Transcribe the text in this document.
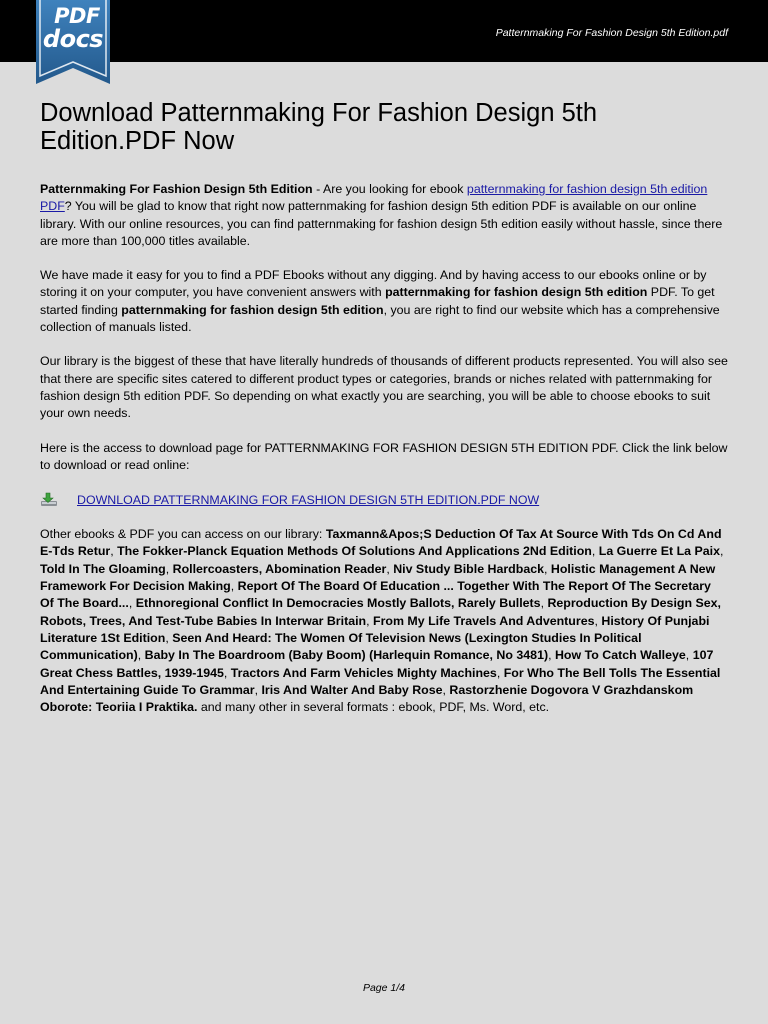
Patternmaking For Fashion Design 5th Edition.pdf
PDF
docs
Download Patternmaking For Fashion Design 5th Edition.PDF Now

Patternmaking For Fashion Design 5th Edition - Are you looking for ebook patternmaking for fashion design 5th edition PDF? You will be glad to know that right now patternmaking for fashion design 5th edition PDF is available on our online library. With our online resources, you can find patternmaking for fashion design 5th edition easily without hassle, since there are more than 100,000 titles available.

We have made it easy for you to find a PDF Ebooks without any digging. And by having access to our ebooks online or by storing it on your computer, you have convenient answers with patternmaking for fashion design 5th edition PDF. To get started finding patternmaking for fashion design 5th edition, you are right to find our website which has a comprehensive collection of manuals listed.

Our library is the biggest of these that have literally hundreds of thousands of different products represented. You will also see that there are specific sites catered to different product types or categories, brands or niches related with patternmaking for fashion design 5th edition PDF. So depending on what exactly you are searching, you will be able to choose ebooks to suit your own needs.

Here is the access to download page for PATTERNMAKING FOR FASHION DESIGN 5TH EDITION PDF. Click the link below to download or read online:

DOWNLOAD PATTERNMAKING FOR FASHION DESIGN 5TH EDITION.PDF NOW
Other ebooks & PDF you can access on our library: Taxmann&Apos;S Deduction Of Tax At Source With Tds On Cd And E-Tds Retur, The Fokker-Planck Equation Methods Of Solutions And Applications 2Nd Edition, La Guerre Et La Paix, Told In The Gloaming, Rollercoasters, Abomination Reader, Niv Study Bible Hardback, Holistic Management A New Framework For Decision Making, Report Of The Board Of Education ... Together With The Report Of The Secretary Of The Board..., Ethnoregional Conflict In Democracies Mostly Ballots, Rarely Bullets, Reproduction By Design Sex, Robots, Trees, And Test-Tube Babies In Interwar Britain, From My Life Travels And Adventures, History Of Punjabi Literature 1St Edition, Seen And Heard: The Women Of Television News (Lexington Studies In Political Communication), Baby In The Boardroom (Baby Boom) (Harlequin Romance, No 3481), How To Catch Walleye, 107 Great Chess Battles, 1939-1945, Tractors And Farm Vehicles Mighty Machines, For Who The Bell Tolls The Essential And Entertaining Guide To Grammar, Iris And Walter And Baby Rose, Rastorzhenie Dogovora V Grazhdanskom Oborote: Teoriia I Praktika. and many other in several formats : ebook, PDF, Ms. Word, etc.
Page 1/4
